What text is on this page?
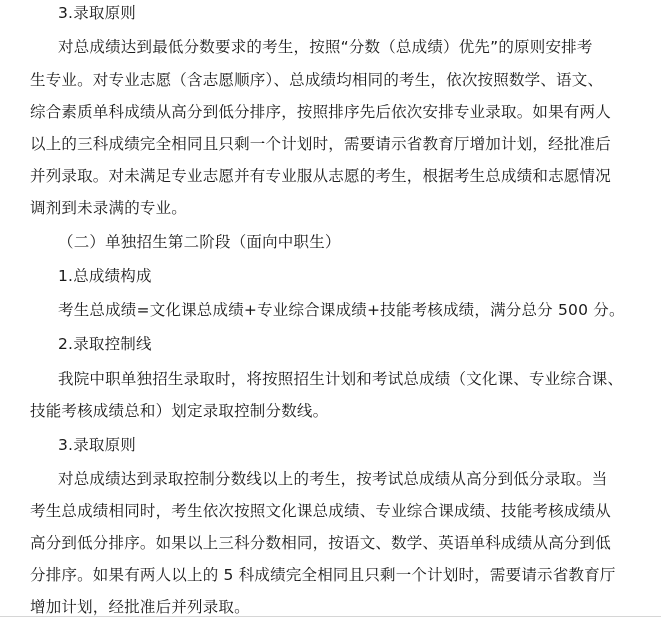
3.录取原则
对总成绩达到最低分数要求的考生，按照“分数（总成绩）优先”的原则安排考
生专业。对专业志愿（含志愿顺序）、总成绩均相同的考生，依次按照数学、语文、
综合素质单科成绩从高分到低分排序，按照排序先后依次安排专业录取。如果有两人
以上的三科成绩完全相同且只剩一个计划时，需要请示省教育厅增加计划，经批准后
并列录取。对未满足专业志愿并有专业服从志愿的考生，根据考生总成绩和志愿情况
调剂到未录满的专业。
（二）单独招生第二阶段（面向中职生）
1.总成绩构成
考生总成绩=文化课总成绩+专业综合课成绩+技能考核成绩，满分总分 500 分。
2.录取控制线
我院中职单独招生录取时，将按照招生计划和考试总成绩（文化课、专业综合课、
技能考核成绩总和）划定录取控制分数线。
3.录取原则
对总成绩达到录取控制分数线以上的考生，按考试总成绩从高分到低分录取。当
考生总成绩相同时，考生依次按照文化课总成绩、专业综合课成绩、技能考核成绩从
高分到低分排序。如果以上三科分数相同，按语文、数学、英语单科成绩从高分到低
分排序。如果有两人以上的 5 科成绩完全相同且只剩一个计划时，需要请示省教育厅
增加计划，经批准后并列录取。
